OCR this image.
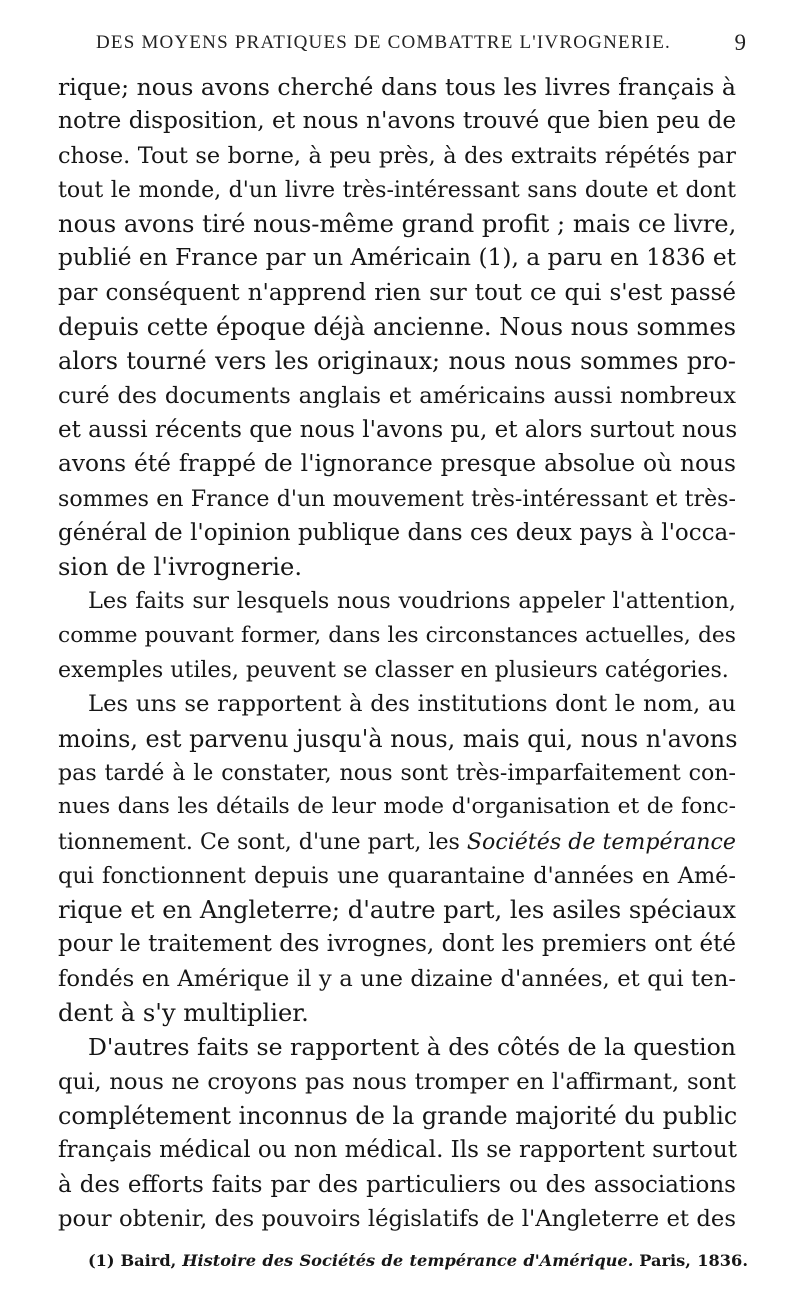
DES MOYENS PRATIQUES DE COMBATTRE L'IVROGNERIE.	9
rique; nous avons cherché dans tous les livres français à
notre disposition, et nous n'avons trouvé que bien peu de
chose. Tout se borne, à peu près, à des extraits répétés par
tout le monde, d'un livre très-intéressant sans doute et dont
nous avons tiré nous-même grand profit ; mais ce livre,
publié en France par un Américain (1), a paru en 1836 et
par conséquent n'apprend rien sur tout ce qui s'est passé
depuis cette époque déjà ancienne. Nous nous sommes
alors tourné vers les originaux; nous nous sommes pro-
curé des documents anglais et américains aussi nombreux
et aussi récents que nous l'avons pu, et alors surtout nous
avons été frappé de l'ignorance presque absolue où nous
sommes en France d'un mouvement très-intéressant et très-
général de l'opinion publique dans ces deux pays à l'occa-
sion de l'ivrognerie.
Les faits sur lesquels nous voudrions appeler l'attention,
comme pouvant former, dans les circonstances actuelles, des
exemples utiles, peuvent se classer en plusieurs catégories.
Les uns se rapportent à des institutions dont le nom, au
moins, est parvenu jusqu'à nous, mais qui, nous n'avons
pas tardé à le constater, nous sont très-imparfaitement con-
nues dans les détails de leur mode d'organisation et de fonc-
tionnement. Ce sont, d'une part, les Sociétés de tempérance
qui fonctionnent depuis une quarantaine d'années en Amé-
rique et en Angleterre; d'autre part, les asiles spéciaux
pour le traitement des ivrognes, dont les premiers ont été
fondés en Amérique il y a une dizaine d'années, et qui ten-
dent à s'y multiplier.
D'autres faits se rapportent à des côtés de la question
qui, nous ne croyons pas nous tromper en l'affirmant, sont
complétement inconnus de la grande majorité du public
français médical ou non médical. Ils se rapportent surtout
à des efforts faits par des particuliers ou des associations
pour obtenir, des pouvoirs législatifs de l'Angleterre et des
(1) Baird, Histoire des Sociétés de tempérance d'Amérique. Paris, 1836.
